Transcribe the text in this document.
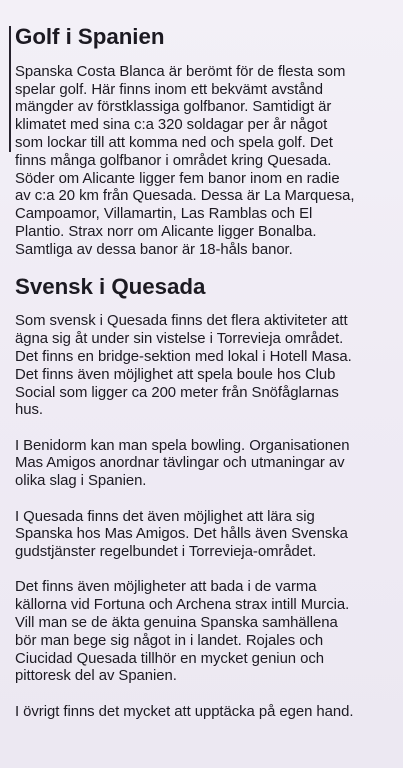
Golf i Spanien

Spanska Costa Blanca är berömt för de flesta som
spelar golf. Här finns inom ett bekvämt avstånd
mängder av förstklassiga golfbanor. Samtidigt är
klimatet med sina c:a 320 soldagar per år något
som lockar till att komma ned och spela golf. Det
finns många golfbanor i området kring Quesada.
Söder om Alicante ligger fem banor inom en radie
av c:a 20 km från Quesada. Dessa är La Marquesa,
Campoamor, Villamartin, Las Ramblas och El
Plantio. Strax norr om Alicante ligger Bonalba.
Samtliga av dessa banor är 18-håls banor.

Svensk i Quesada

Som svensk i Quesada finns det flera aktiviteter att
ägna sig åt under sin vistelse i Torrevieja området.
Det finns en bridge-sektion med lokal i Hotell Masa.
Det finns även möjlighet att spela boule hos Club
Social som ligger ca 200 meter från Snöfåglarnas
hus.

I Benidorm kan man spela bowling. Organisationen
Mas Amigos anordnar tävlingar och utmaningar av
olika slag i Spanien.

I Quesada finns det även möjlighet att lära sig
Spanska hos Mas Amigos. Det hålls även Svenska
gudstjänster regelbundet i Torrevieja-området.

Det finns även möjligheter att bada i de varma
källorna vid Fortuna och Archena strax intill Murcia.
Vill man se de äkta genuina Spanska samhällena
bör man bege sig något in i landet. Rojales och
Ciucidad Quesada tillhör en mycket geniun och
pittoresk del av Spanien.

I övrigt finns det mycket att upptäcka på egen hand.
